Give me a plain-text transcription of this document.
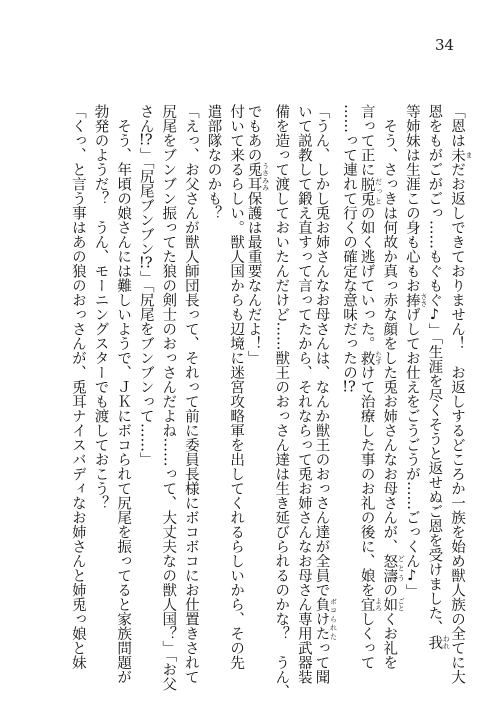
34
「恩は未 まだお返しできておりません！　お返しするどころか一族を始め獣人族の全てに大
恩をもがごがごっ……もぐもぐ♪」「生涯を尽くそうと返せぬご恩を受けました、我 われ
等姉妹は生涯この身も心もお捧 ささげしてお仕えをごうごうが……ごっくん♪」
　そう、さっきは何故か真っ赤な顔をした兎お姉さんなお母さんが、怒濤 どとうの如 ごとくお礼を
言って正に脱兎 だっとの如く逃げていった。救 たすけて治療した事のお礼の後に、娘を宜 よろしくって
……って連れて行くの確定な意味だったの!?
「うん、しかし兎お姉さんなお母さんは、なんか獣王のおっさん達が全員で負けた ボコられたって聞
いて説教して鍛え直すって言ってたから、それならって兎お姉さんなお母さん専用武器装
備を造って渡しておいたんだけど……獣王のおっさん達は生き延びられるのかな？　うん、
でもあの兎耳 うさみみ保護は最重要なんだよ！」
付いて来るらしい。獣人国からも辺境に迷宮攻略軍を出してくれるらしいから、その先
遣部隊なのかも？
「えっ、お父さんが獣人師団長って、それって前に委員長様にボコボコにお仕置きされて
尻尾をブンブン振ってた狼の剣士のおっさんだよね……って、大丈夫なの獣人国？」「お父
さん!?」「尻尾ブンブン!?」「尻尾をブンブンって……」
　そう、年頃の娘さんには難しいようで、ＪＫにボコられて尻尾を振ってると家族問題が
勃発のようだ？　うん、モーニングスターでも渡しておこう？
「くっ、と言う事はあの狼のおっさんが、兎耳ナイスバディなお姉さんと姉兎っ娘と妹
